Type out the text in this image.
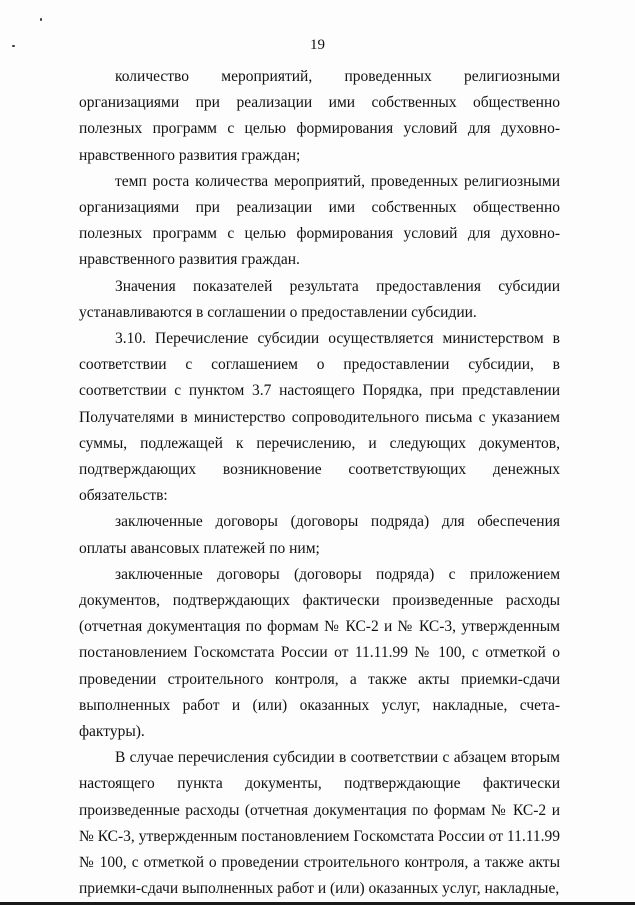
19

количество мероприятий, проведенных религиозными организациями при реализации ими собственных общественно полезных программ с целью формирования условий для духовно-нравственного развития граждан;

темп роста количества мероприятий, проведенных религиозными организациями при реализации ими собственных общественно полезных программ с целью формирования условий для духовно-нравственного развития граждан.

Значения показателей результата предоставления субсидии устанавливаются в соглашении о предоставлении субсидии.

3.10. Перечисление субсидии осуществляется министерством в соответствии с соглашением о предоставлении субсидии, в соответствии с пунктом 3.7 настоящего Порядка, при представлении Получателями в министерство сопроводительного письма с указанием суммы, подлежащей к перечислению, и следующих документов, подтверждающих возникновение соответствующих денежных обязательств:

заключенные договоры (договоры подряда) для обеспечения оплаты авансовых платежей по ним;

заключенные договоры (договоры подряда) с приложением документов, подтверждающих фактически произведенные расходы (отчетная документация по формам № КС-2 и № КС-3, утвержденным постановлением Госкомстата России от 11.11.99 № 100, с отметкой о проведении строительного контроля, а также акты приемки-сдачи выполненных работ и (или) оказанных услуг, накладные, счета-фактуры).

В случае перечисления субсидии в соответствии с абзацем вторым настоящего пункта документы, подтверждающие фактически произведенные расходы (отчетная документация по формам № КС-2 и № КС-3, утвержденным постановлением Госкомстата России от 11.11.99 № 100, с отметкой о проведении строительного контроля, а также акты приемки-сдачи выполненных работ и (или) оказанных услуг, накладные,
